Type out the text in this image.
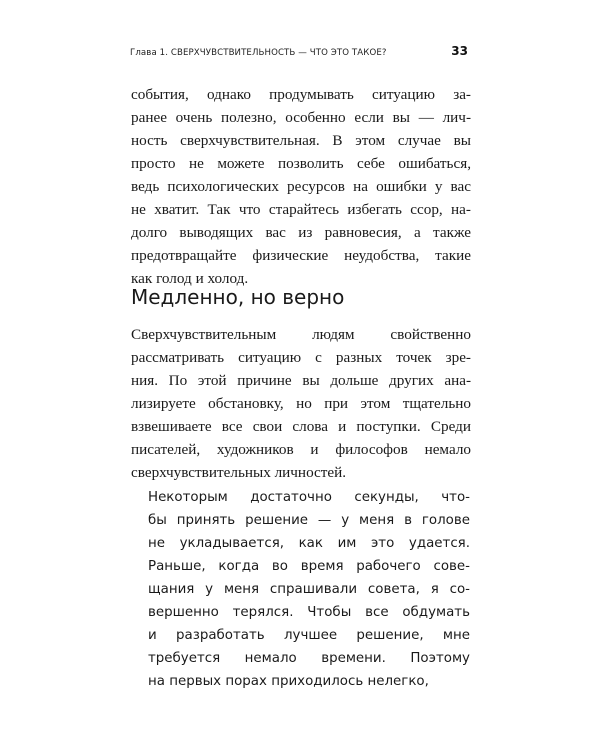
Глава 1. СВЕРХЧУВСТВИТЕЛЬНОСТЬ — ЧТО ЭТО ТАКОЕ?	33

события, однако продумывать ситуацию за-
ранее очень полезно, особенно если вы — лич-
ность сверхчувствительная. В этом случае вы
просто не можете позволить себе ошибаться,
ведь психологических ресурсов на ошибки у вас
не хватит. Так что старайтесь избегать ссор, на-
долго выводящих вас из равновесия, а также
предотвращайте физические неудобства, такие
как голод и холод.

Медленно, но верно

Сверхчувствительным людям свойственно
рассматривать ситуацию с разных точек зре-
ния. По этой причине вы дольше других ана-
лизируете обстановку, но при этом тщательно
взвешиваете все свои слова и поступки. Среди
писателей, художников и философов немало
сверхчувствительных личностей.

Некоторым достаточно секунды, что-
бы принять решение — у меня в голове
не укладывается, как им это удается.
Раньше, когда во время рабочего сове-
щания у меня спрашивали совета, я со-
вершенно терялся. Чтобы все обдумать
и разработать лучшее решение, мне
требуется немало времени. Поэтому
на первых порах приходилось нелегко,
